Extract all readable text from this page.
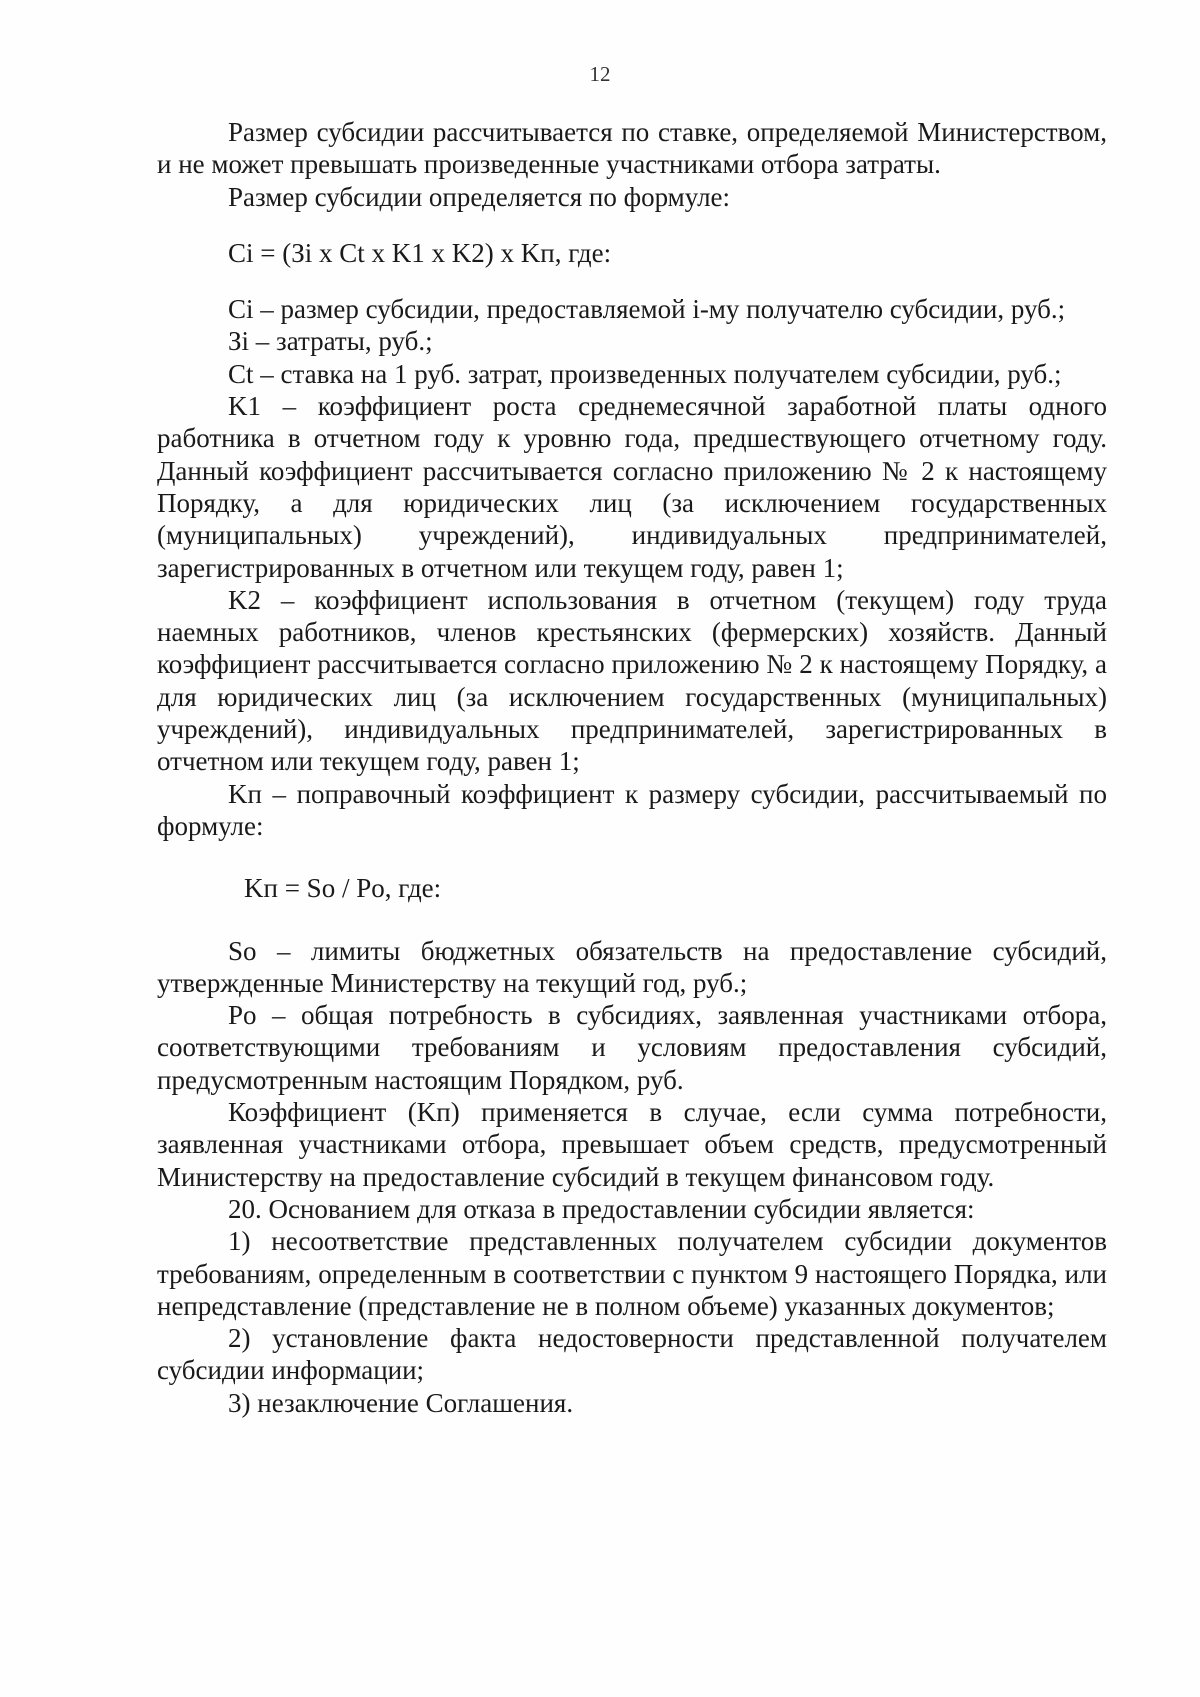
12

Размер субсидии рассчитывается по ставке, определяемой Министерством, и не может превышать произведенные участниками отбора затраты.

Размер субсидии определяется по формуле:

Сi = (Зi x Ct x K1 x K2) x Kп, где:

Сi – размер субсидии, предоставляемой i-му получателю субсидии, руб.;

Зi – затраты, руб.;

Ct – ставка на 1 руб. затрат, произведенных получателем субсидии, руб.;

K1 – коэффициент роста среднемесячной заработной платы одного работника в отчетном году к уровню года, предшествующего отчетному году. Данный коэффициент рассчитывается согласно приложению № 2 к настоящему Порядку, а для юридических лиц (за исключением государственных (муниципальных) учреждений), индивидуальных предпринимателей, зарегистрированных в отчетном или текущем году, равен 1;

K2 – коэффициент использования в отчетном (текущем) году труда наемных работников, членов крестьянских (фермерских) хозяйств. Данный коэффициент рассчитывается согласно приложению № 2 к настоящему Порядку, а для юридических лиц (за исключением государственных (муниципальных) учреждений), индивидуальных предпринимателей, зарегистрированных в отчетном или текущем году, равен 1;

Kп – поправочный коэффициент к размеру субсидии, рассчитываемый по формуле:

Kп = So / Po, где:

So – лимиты бюджетных обязательств на предоставление субсидий, утвержденные Министерству на текущий год, руб.;

Po – общая потребность в субсидиях, заявленная участниками отбора, соответствующими требованиям и условиям предоставления субсидий, предусмотренным настоящим Порядком, руб.

Коэффициент (Kп) применяется в случае, если сумма потребности, заявленная участниками отбора, превышает объем средств, предусмотренный Министерству на предоставление субсидий в текущем финансовом году.

20. Основанием для отказа в предоставлении субсидии является:

1) несоответствие представленных получателем субсидии документов требованиям, определенным в соответствии с пунктом 9 настоящего Порядка, или непредставление (представление не в полном объеме) указанных документов;

2) установление факта недостоверности представленной получателем субсидии информации;

3) незаключение Соглашения.
